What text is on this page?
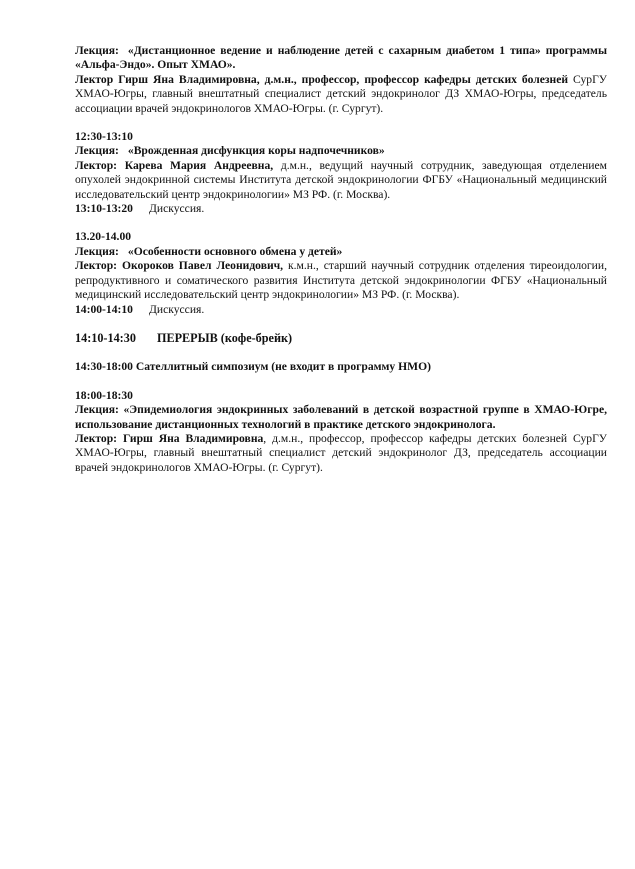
Лекция: «Дистанционное ведение и наблюдение детей с сахарным диабетом 1 типа» программы «Альфа-Эндо». Опыт ХМАО».
Лектор Гирш Яна Владимировна, д.м.н., профессор, профессор кафедры детских болезней СурГУ ХМАО-Югры, главный внештатный специалист детский эндокринолог ДЗ ХМАО-Югры, председатель ассоциации врачей эндокринологов ХМАО-Югры. (г. Сургут).
12:30-13:10
Лекция: «Врожденная дисфункция коры надпочечников»
Лектор: Карева Мария Андреевна, д.м.н., ведущий научный сотрудник, заведующая отделением опухолей эндокринной системы Института детской эндокринологии ФГБУ «Национальный медицинский исследовательский центр эндокринологии» МЗ РФ. (г. Москва).
13:10-13:20 Дискуссия.
13.20-14.00
Лекция: «Особенности основного обмена у детей»
Лектор: Окороков Павел Леонидович, к.м.н., старший научный сотрудник отделения тиреоидологии, репродуктивного и соматического развития Института детской эндокринологии ФГБУ «Национальный медицинский исследовательский центр эндокринологии» МЗ РФ. (г. Москва).
14:00-14:10 Дискуссия.
14:10-14:30 ПЕРЕРЫВ (кофе-брейк)
14:30-18:00 Сателлитный симпозиум (не входит в программу НМО)
18:00-18:30
Лекция: «Эпидемиология эндокринных заболеваний в детской возрастной группе в ХМАО-Югре, использование дистанционных технологий в практике детского эндокринолога.
Лектор: Гирш Яна Владимировна, д.м.н., профессор, профессор кафедры детских болезней СурГУ ХМАО-Югры, главный внештатный специалист детский эндокринолог ДЗ, председатель ассоциации врачей эндокринологов ХМАО-Югры. (г. Сургут).
